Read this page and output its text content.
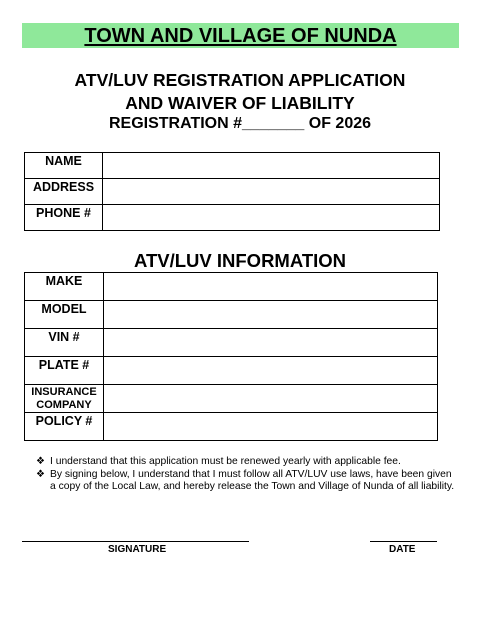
TOWN AND VILLAGE OF NUNDA
ATV/LUV REGISTRATION APPLICATION
AND WAIVER OF LIABILITY
REGISTRATION #_______ OF 2026
NAME	
ADDRESS	
PHONE #	
ATV/LUV INFORMATION
MAKE	
MODEL	
VIN #	
PLATE #	

INSURANCE
COMPANY	

POLICY #	
❖ I understand that this application must be renewed yearly with applicable fee.
❖ By signing below, I understand that I must follow all ATV/LUV use laws, have been given a copy of the Local Law, and hereby release the Town and Village of Nunda of all liability.
SIGNATURE	DATE
